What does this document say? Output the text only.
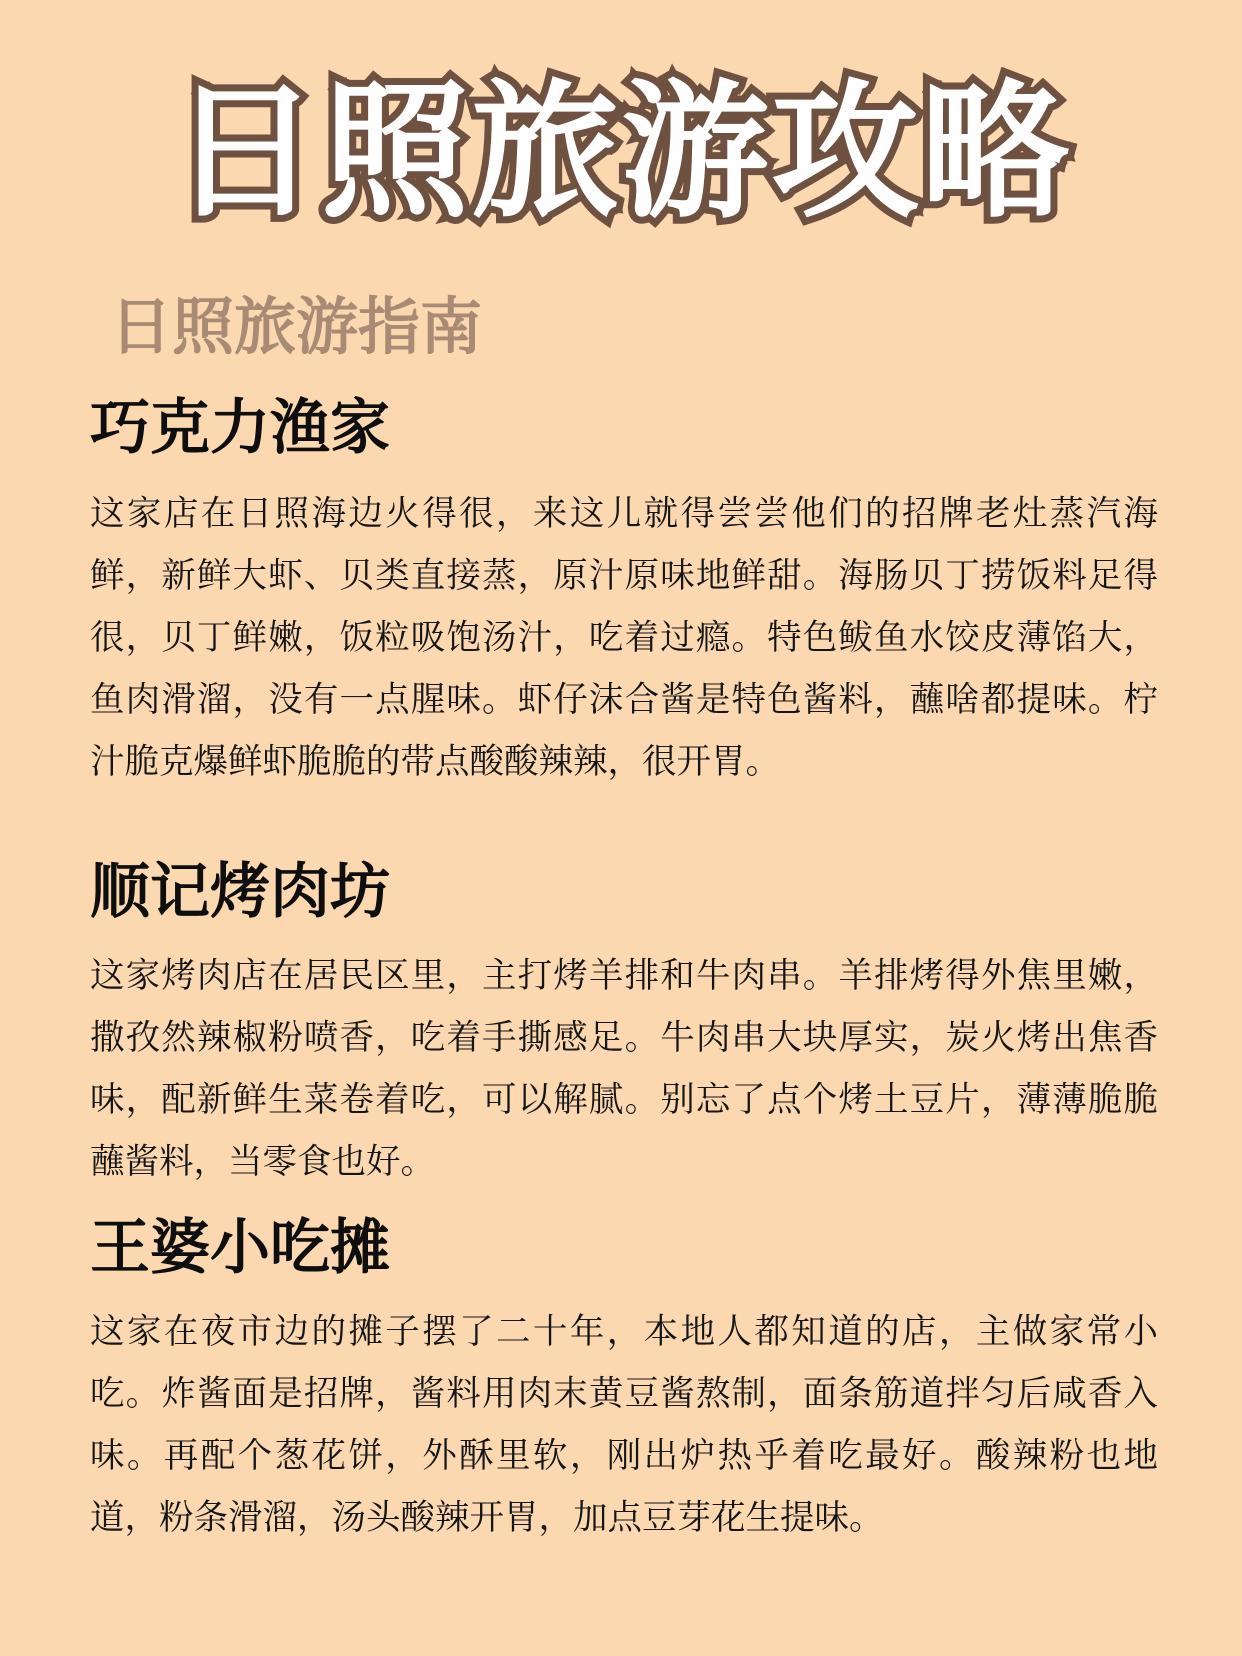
日照旅游攻略
日照旅游指南
巧克力渔家

这家店在日照海边火得很，来这儿就得尝尝他们的招牌老灶蒸汽海鲜，新鲜大虾、贝类直接蒸，原汁原味地鲜甜。海肠贝丁捞饭料足得很，贝丁鲜嫩，饭粒吸饱汤汁，吃着过瘾。特色鲅鱼水饺皮薄馅大，鱼肉滑溜，没有一点腥味。虾仔沫合酱是特色酱料，蘸啥都提味。柠汁脆克爆鲜虾脆脆的带点酸酸辣辣，很开胃。

顺记烤肉坊

这家烤肉店在居民区里，主打烤羊排和牛肉串。羊排烤得外焦里嫩，撒孜然辣椒粉喷香，吃着手撕感足。牛肉串大块厚实，炭火烤出焦香味，配新鲜生菜卷着吃，可以解腻。别忘了点个烤土豆片，薄薄脆脆蘸酱料，当零食也好。

王婆小吃摊

这家在夜市边的摊子摆了二十年，本地人都知道的店，主做家常小吃。炸酱面是招牌，酱料用肉末黄豆酱熬制，面条筋道拌匀后咸香入味。再配个葱花饼，外酥里软，刚出炉热乎着吃最好。酸辣粉也地道，粉条滑溜，汤头酸辣开胃，加点豆芽花生提味。
